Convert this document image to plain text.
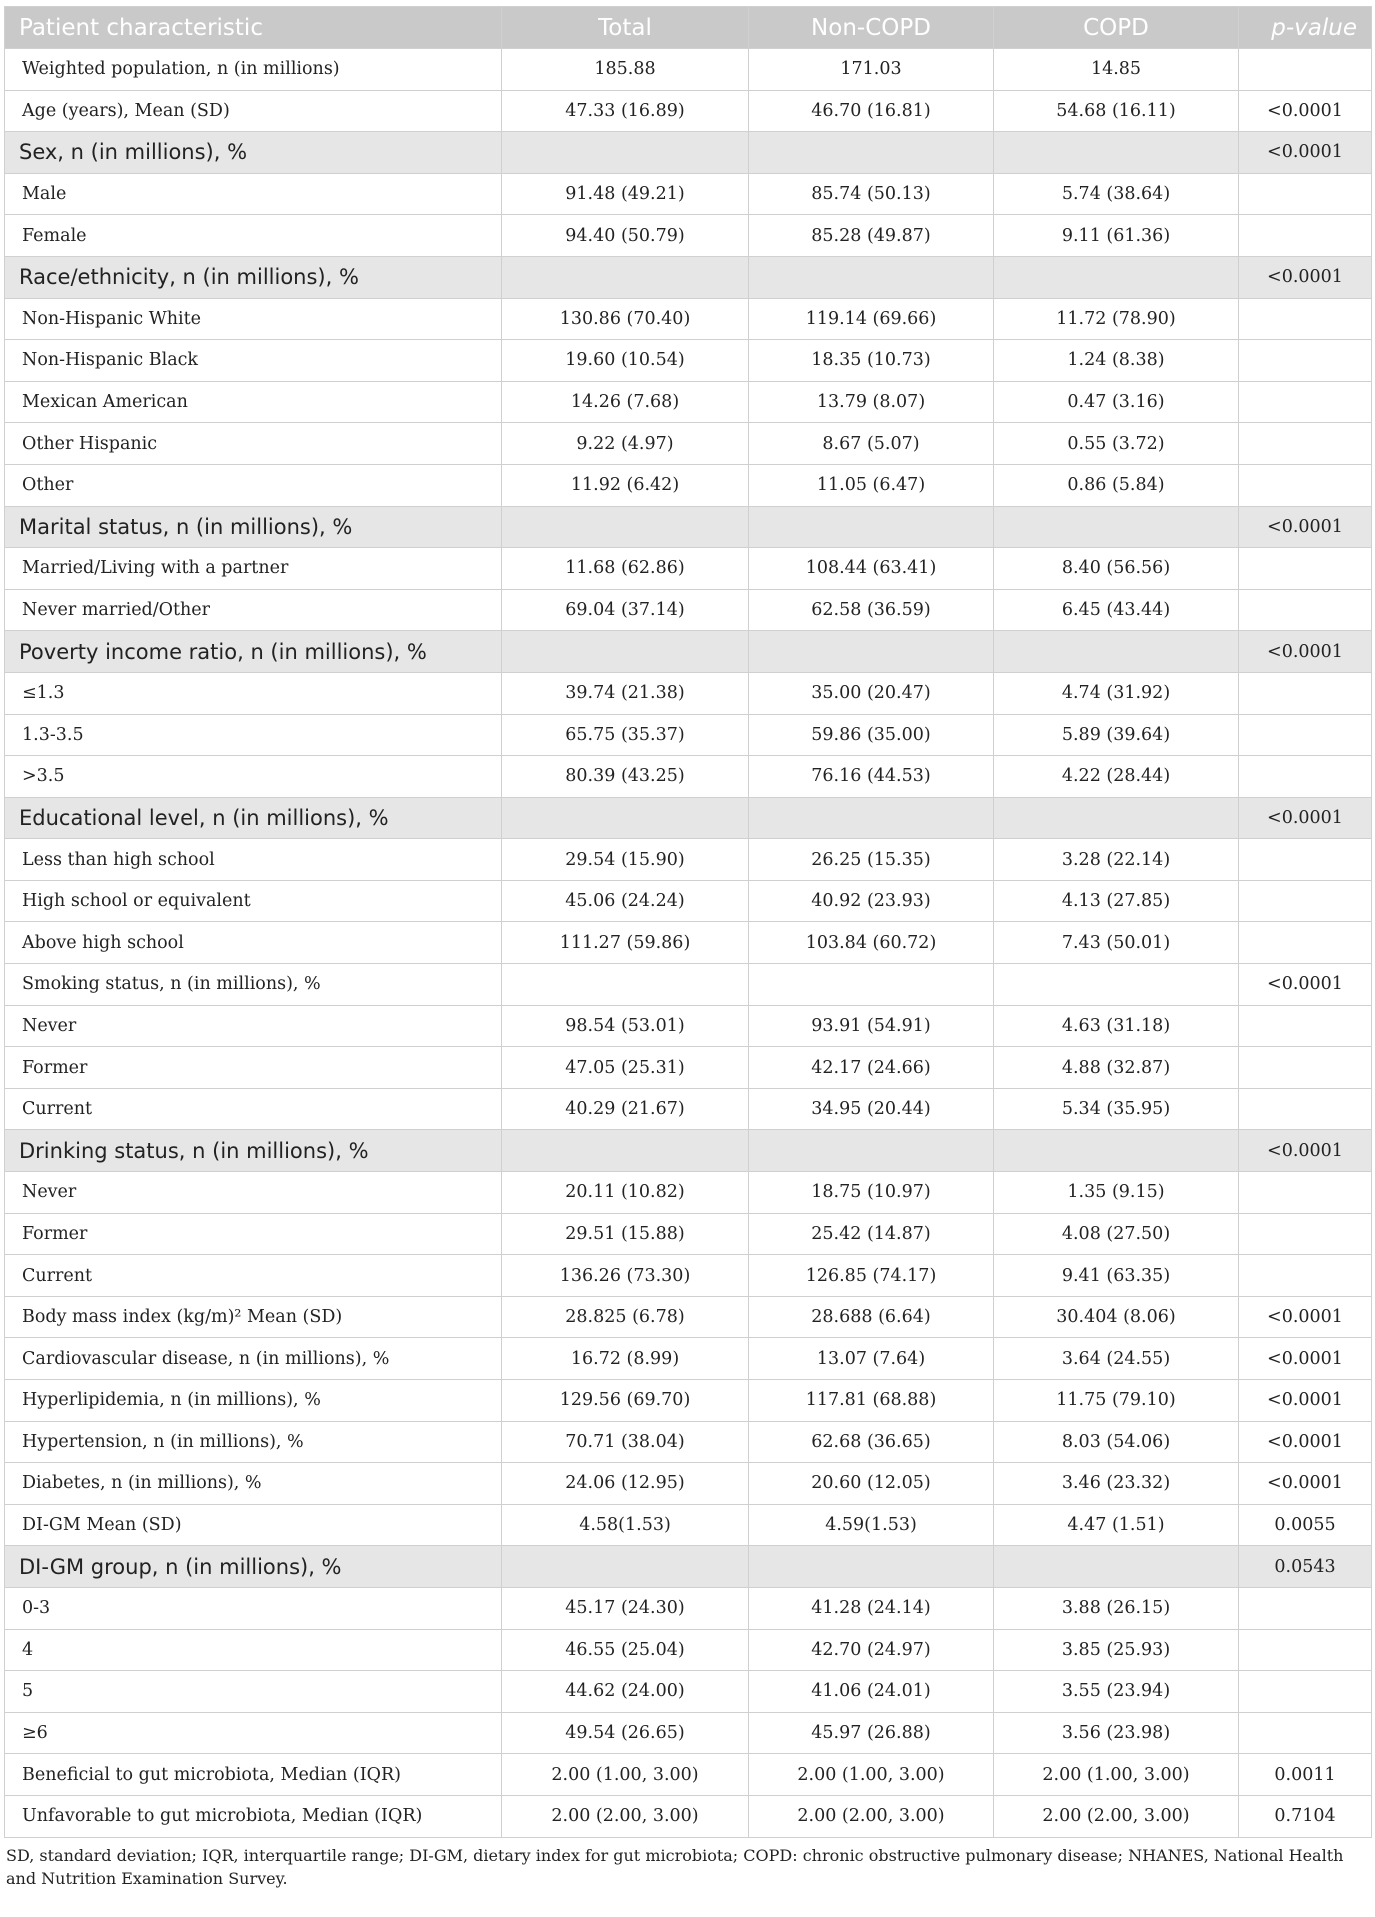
Patient characteristic	Total	Non-COPD	COPD	p-value
Weighted population, n (in millions)	185.88	171.03	14.85	
Age (years), Mean (SD)	47.33 (16.89)	46.70 (16.81)	54.68 (16.11)	<0.0001
Sex, n (in millions), %				<0.0001
Male	91.48 (49.21)	85.74 (50.13)	5.74 (38.64)	
Female	94.40 (50.79)	85.28 (49.87)	9.11 (61.36)	
Race/ethnicity, n (in millions), %				<0.0001
Non-Hispanic White	130.86 (70.40)	119.14 (69.66)	11.72 (78.90)	
Non-Hispanic Black	19.60 (10.54)	18.35 (10.73)	1.24 (8.38)	
Mexican American	14.26 (7.68)	13.79 (8.07)	0.47 (3.16)	
Other Hispanic	9.22 (4.97)	8.67 (5.07)	0.55 (3.72)	
Other	11.92 (6.42)	11.05 (6.47)	0.86 (5.84)	
Marital status, n (in millions), %				<0.0001
Married/Living with a partner	11.68 (62.86)	108.44 (63.41)	8.40 (56.56)	
Never married/Other	69.04 (37.14)	62.58 (36.59)	6.45 (43.44)	
Poverty income ratio, n (in millions), %				<0.0001
≤1.3	39.74 (21.38)	35.00 (20.47)	4.74 (31.92)	
1.3-3.5	65.75 (35.37)	59.86 (35.00)	5.89 (39.64)	
>3.5	80.39 (43.25)	76.16 (44.53)	4.22 (28.44)	
Educational level, n (in millions), %				<0.0001
Less than high school	29.54 (15.90)	26.25 (15.35)	3.28 (22.14)	
High school or equivalent	45.06 (24.24)	40.92 (23.93)	4.13 (27.85)	
Above high school	111.27 (59.86)	103.84 (60.72)	7.43 (50.01)	
Smoking status, n (in millions), %				<0.0001
Never	98.54 (53.01)	93.91 (54.91)	4.63 (31.18)	
Former	47.05 (25.31)	42.17 (24.66)	4.88 (32.87)	
Current	40.29 (21.67)	34.95 (20.44)	5.34 (35.95)	
Drinking status, n (in millions), %				<0.0001
Never	20.11 (10.82)	18.75 (10.97)	1.35 (9.15)	
Former	29.51 (15.88)	25.42 (14.87)	4.08 (27.50)	
Current	136.26 (73.30)	126.85 (74.17)	9.41 (63.35)	
Body mass index (kg/m)² Mean (SD)	28.825 (6.78)	28.688 (6.64)	30.404 (8.06)	<0.0001
Cardiovascular disease, n (in millions), %	16.72 (8.99)	13.07 (7.64)	3.64 (24.55)	<0.0001
Hyperlipidemia, n (in millions), %	129.56 (69.70)	117.81 (68.88)	11.75 (79.10)	<0.0001
Hypertension, n (in millions), %	70.71 (38.04)	62.68 (36.65)	8.03 (54.06)	<0.0001
Diabetes, n (in millions), %	24.06 (12.95)	20.60 (12.05)	3.46 (23.32)	<0.0001
DI-GM Mean (SD)	4.58(1.53)	4.59(1.53)	4.47 (1.51)	0.0055
DI-GM group, n (in millions), %				0.0543
0-3	45.17 (24.30)	41.28 (24.14)	3.88 (26.15)	
4	46.55 (25.04)	42.70 (24.97)	3.85 (25.93)	
5	44.62 (24.00)	41.06 (24.01)	3.55 (23.94)	
≥6	49.54 (26.65)	45.97 (26.88)	3.56 (23.98)	
Beneficial to gut microbiota, Median (IQR)	2.00 (1.00, 3.00)	2.00 (1.00, 3.00)	2.00 (1.00, 3.00)	0.0011
Unfavorable to gut microbiota, Median (IQR)	2.00 (2.00, 3.00)	2.00 (2.00, 3.00)	2.00 (2.00, 3.00)	0.7104
SD, standard deviation; IQR, interquartile range; DI-GM, dietary index for gut microbiota; COPD: chronic obstructive pulmonary disease; NHANES, National Health and Nutrition Examination Survey.
